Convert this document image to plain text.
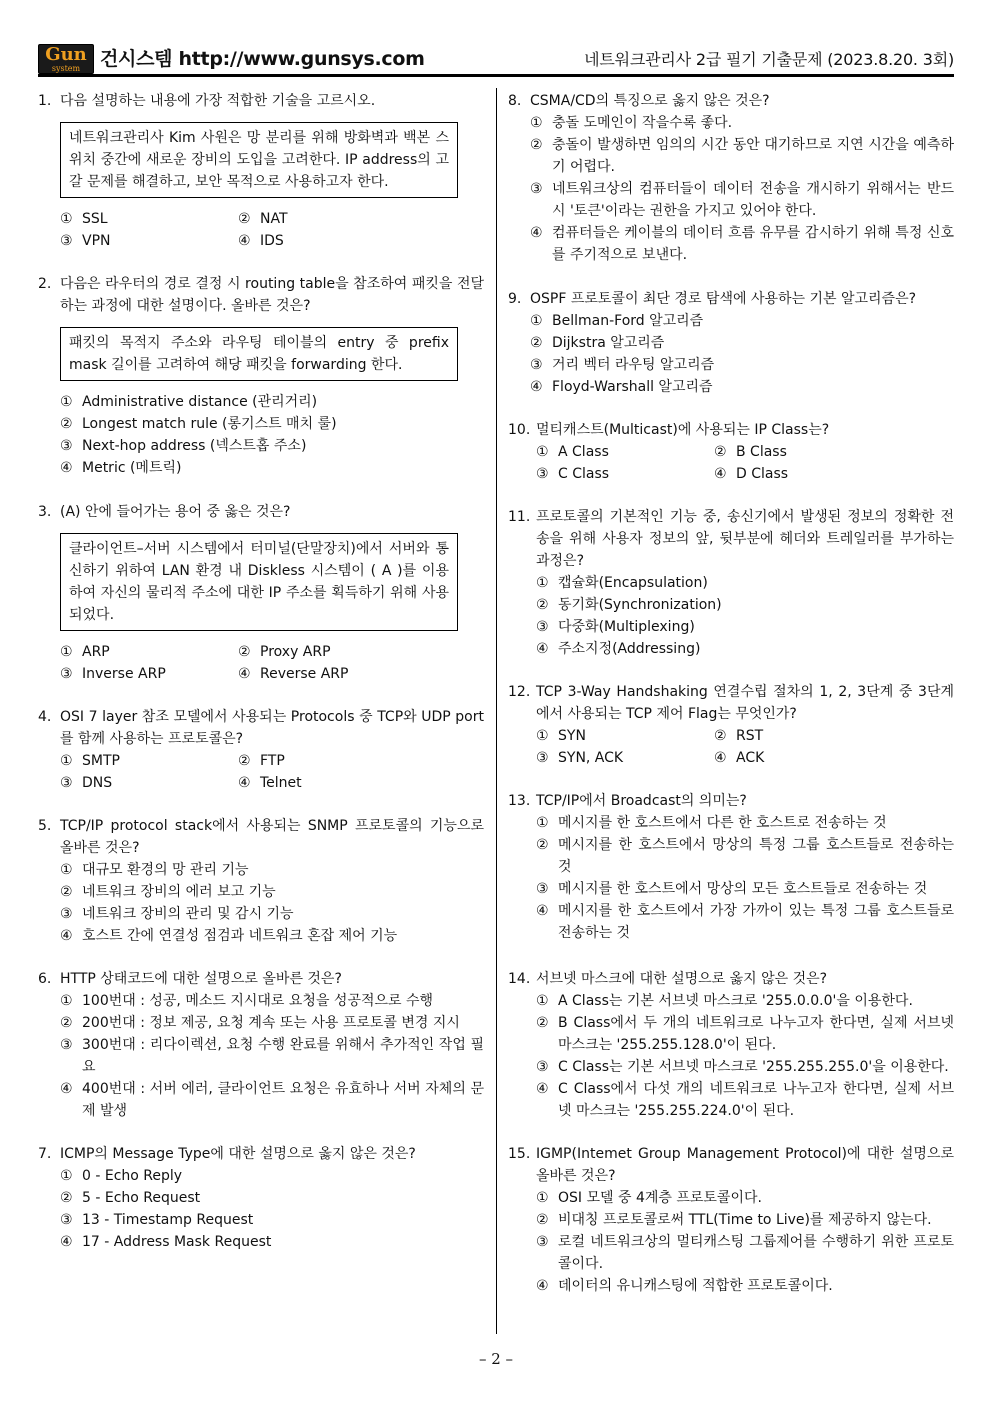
Gun
system	건시스템 http://www.gunsys.com	네트워크관리사 2급 필기 기출문제 (2023.8.20. 3회)
1. 다음 설명하는 내용에 가장 적합한 기술을 고르시오.
네트워크관리사 Kim 사원은 망 분리를 위해 방화벽과 백본 스위치 중간에 새로운 장비의 도입을 고려한다. IP address의 고갈 문제를 해결하고, 보안 목적으로 사용하고자 한다.
① SSL	② NAT
③ VPN	④ IDS
2. 다음은 라우터의 경로 결정 시 routing table을 참조하여 패킷을 전달하는 과정에 대한 설명이다. 올바른 것은?
패킷의 목적지 주소와 라우팅 테이블의 entry 중 prefix mask 길이를 고려하여 해당 패킷을 forwarding 한다.
① Administrative distance (관리거리)
② Longest match rule (롱기스트 매치 룰)
③ Next-hop address (넥스트홉 주소)
④ Metric (메트릭)
3. (A) 안에 들어가는 용어 중 옳은 것은?
클라이언트–서버 시스템에서 터미널(단말장치)에서 서버와 통신하기 위하여 LAN 환경 내 Diskless 시스템이 ( A )를 이용하여 자신의 물리적 주소에 대한 IP 주소를 획득하기 위해 사용되었다.
① ARP	② Proxy ARP
③ Inverse ARP	④ Reverse ARP
4. OSI 7 layer 참조 모델에서 사용되는 Protocols 중 TCP와 UDP port를 함께 사용하는 프로토콜은?
① SMTP	② FTP
③ DNS	④ Telnet
5. TCP/IP protocol stack에서 사용되는 SNMP 프로토콜의 기능으로 올바른 것은?
① 대규모 환경의 망 관리 기능
② 네트워크 장비의 에러 보고 기능
③ 네트워크 장비의 관리 및 감시 기능
④ 호스트 간에 연결성 점검과 네트워크 혼잡 제어 기능
6. HTTP 상태코드에 대한 설명으로 올바른 것은?
① 100번대 : 성공, 메소드 지시대로 요청을 성공적으로 수행
② 200번대 : 정보 제공, 요청 계속 또는 사용 프로토콜 변경 지시
③ 300번대 : 리다이렉션, 요청 수행 완료를 위해서 추가적인 작업 필요
④ 400번대 : 서버 에러, 클라이언트 요청은 유효하나 서버 자체의 문제 발생
7. ICMP의 Message Type에 대한 설명으로 옳지 않은 것은?
① 0 - Echo Reply
② 5 - Echo Request
③ 13 - Timestamp Request
④ 17 - Address Mask Request
8. CSMA/CD의 특징으로 옳지 않은 것은?
① 충돌 도메인이 작을수록 좋다.
② 충돌이 발생하면 임의의 시간 동안 대기하므로 지연 시간을 예측하기 어렵다.
③ 네트워크상의 컴퓨터들이 데이터 전송을 개시하기 위해서는 반드시 '토큰'이라는 권한을 가지고 있어야 한다.
④ 컴퓨터들은 케이블의 데이터 흐름 유무를 감시하기 위해 특정 신호를 주기적으로 보낸다.
9. OSPF 프로토콜이 최단 경로 탐색에 사용하는 기본 알고리즘은?
① Bellman-Ford 알고리즘
② Dijkstra 알고리즘
③ 거리 벡터 라우팅 알고리즘
④ Floyd-Warshall 알고리즘
10. 멀티캐스트(Multicast)에 사용되는 IP Class는?
① A Class	② B Class
③ C Class	④ D Class
11. 프로토콜의 기본적인 기능 중, 송신기에서 발생된 정보의 정확한 전송을 위해 사용자 정보의 앞, 뒷부분에 헤더와 트레일러를 부가하는 과정은?
① 캡슐화(Encapsulation)
② 동기화(Synchronization)
③ 다중화(Multiplexing)
④ 주소지정(Addressing)
12. TCP 3-Way Handshaking 연결수립 절차의 1, 2, 3단계 중 3단계에서 사용되는 TCP 제어 Flag는 무엇인가?
① SYN	② RST
③ SYN, ACK	④ ACK
13. TCP/IP에서 Broadcast의 의미는?
① 메시지를 한 호스트에서 다른 한 호스트로 전송하는 것
② 메시지를 한 호스트에서 망상의 특정 그룹 호스트들로 전송하는 것
③ 메시지를 한 호스트에서 망상의 모든 호스트들로 전송하는 것
④ 메시지를 한 호스트에서 가장 가까이 있는 특정 그룹 호스트들로 전송하는 것
14. 서브넷 마스크에 대한 설명으로 옳지 않은 것은?
① A Class는 기본 서브넷 마스크로 '255.0.0.0'을 이용한다.
② B Class에서 두 개의 네트워크로 나누고자 한다면, 실제 서브넷 마스크는 '255.255.128.0'이 된다.
③ C Class는 기본 서브넷 마스크로 '255.255.255.0'을 이용한다.
④ C Class에서 다섯 개의 네트워크로 나누고자 한다면, 실제 서브넷 마스크는 '255.255.224.0'이 된다.
15. IGMP(Intemet Group Management Protocol)에 대한 설명으로 올바른 것은?
① OSI 모델 중 4계층 프로토콜이다.
② 비대칭 프로토콜로써 TTL(Time to Live)를 제공하지 않는다.
③ 로컬 네트워크상의 멀티캐스팅 그룹제어를 수행하기 위한 프로토콜이다.
④ 데이터의 유니캐스팅에 적합한 프로토콜이다.
– 2 –
